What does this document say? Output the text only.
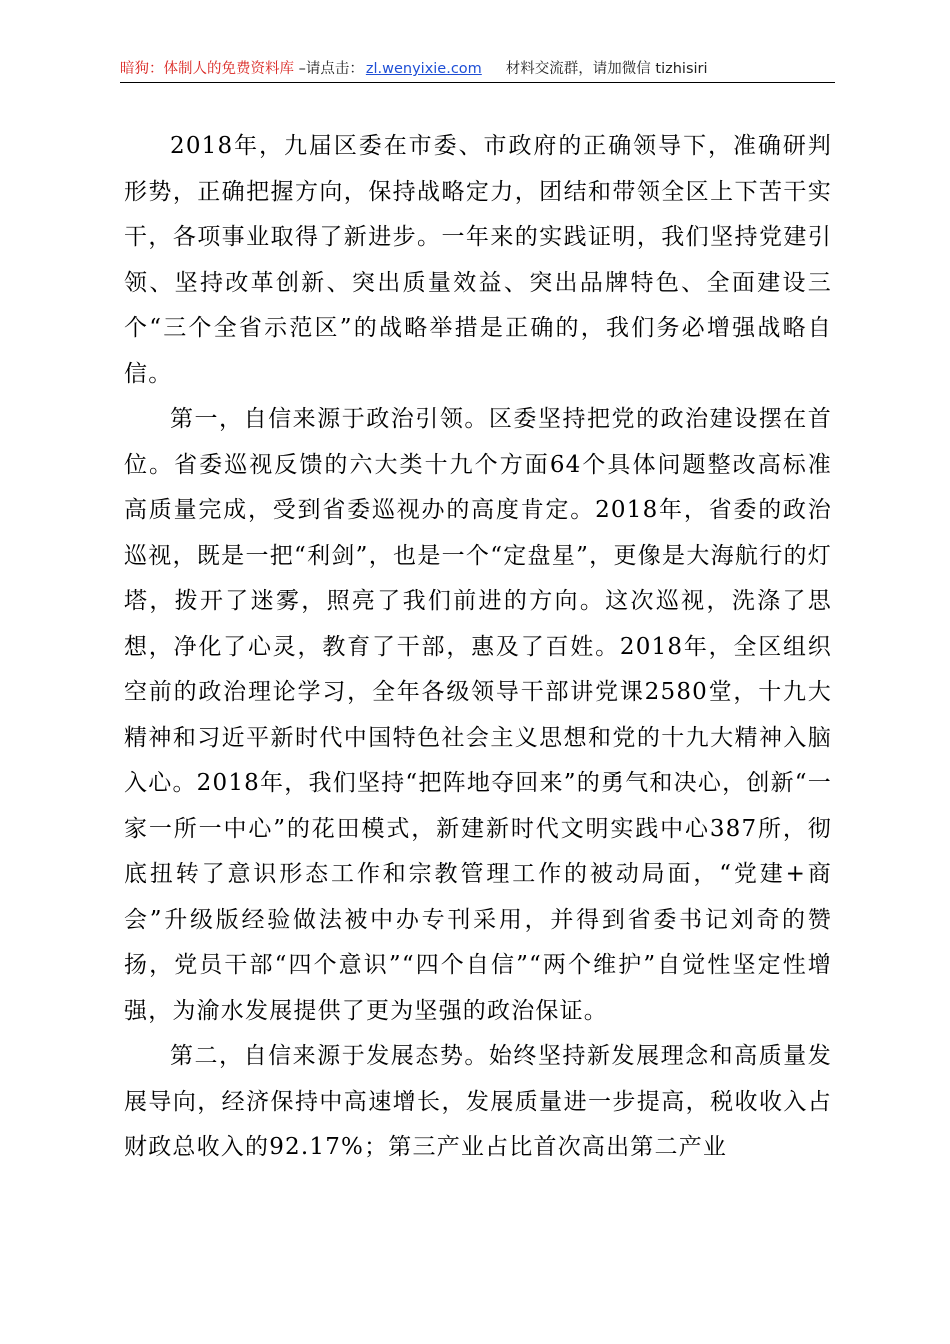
暗狗：体制人的免费资料库 –请点击： zl.wenyixie.com 材料交流群，请加微信 tizhisiri

2018年，九届区委在市委、市政府的正确领导下，准确研判形势，正确把握方向，保持战略定力，团结和带领全区上下苦干实干，各项事业取得了新进步。一年来的实践证明，我们坚持党建引领、坚持改革创新、突出质量效益、突出品牌特色、全面建设三个“三个全省示范区”的战略举措是正确的，我们务必增强战略自信。

第一，自信来源于政治引领。区委坚持把党的政治建设摆在首位。省委巡视反馈的六大类十九个方面64个具体问题整改高标准高质量完成，受到省委巡视办的高度肯定。2018年，省委的政治巡视，既是一把“利剑”，也是一个“定盘星”，更像是大海航行的灯塔，拨开了迷雾，照亮了我们前进的方向。这次巡视，洗涤了思想，净化了心灵，教育了干部，惠及了百姓。2018年，全区组织空前的政治理论学习，全年各级领导干部讲党课2580堂，十九大精神和习近平新时代中国特色社会主义思想和党的十九大精神入脑入心。2018年，我们坚持“把阵地夺回来”的勇气和决心，创新“一家一所一中心”的花田模式，新建新时代文明实践中心387所，彻底扭转了意识形态工作和宗教管理工作的被动局面，“党建+商会”升级版经验做法被中办专刊采用，并得到省委书记刘奇的赞扬，党员干部“四个意识”“四个自信”“两个维护”自觉性坚定性增强，为渝水发展提供了更为坚强的政治保证。

第二，自信来源于发展态势。始终坚持新发展理念和高质量发展导向，经济保持中高速增长，发展质量进一步提高，税收收入占财政总收入的92.17%；第三产业占比首次高出第二产业
